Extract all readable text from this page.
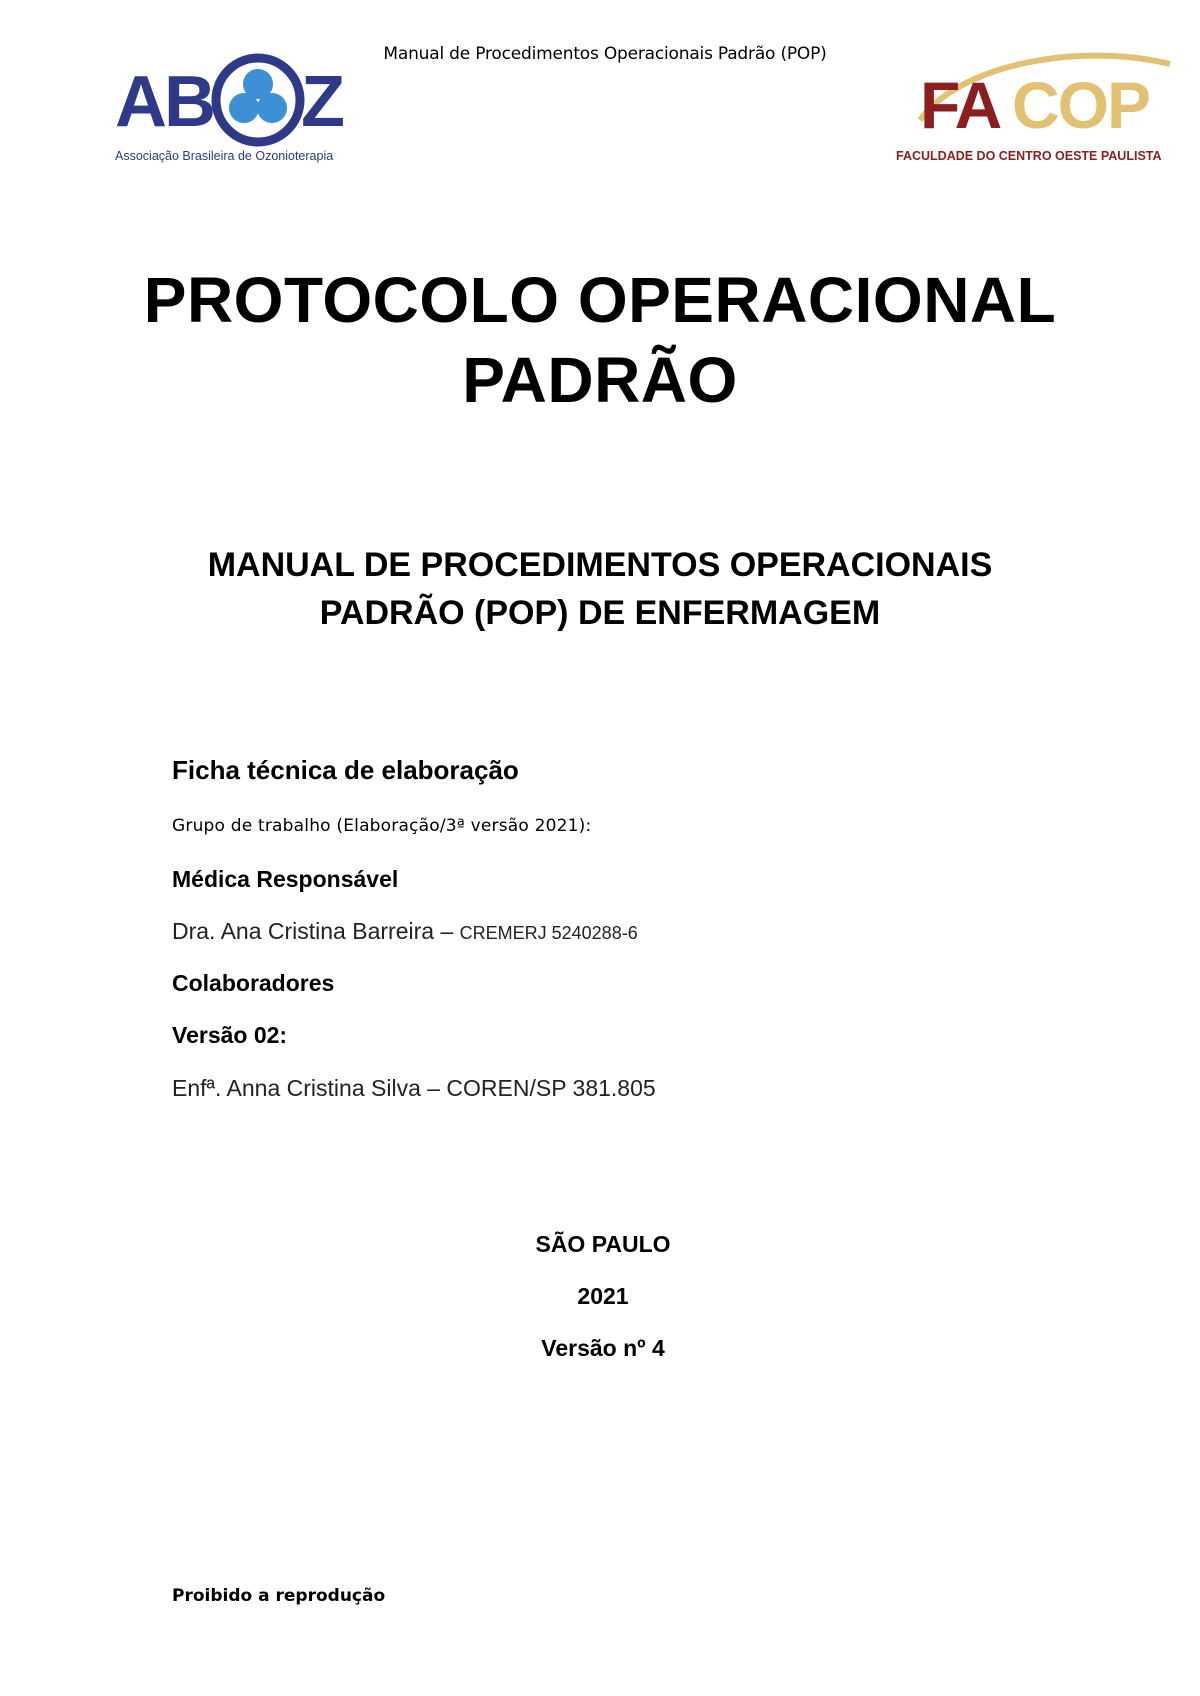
Manual de Procedimentos Operacionais Padrão (POP)
AB Z
Associação Brasileira de Ozonioterapia
FA COP
FACULDADE DO CENTRO OESTE PAULISTA
PROTOCOLO OPERACIONAL
PADRÃO
MANUAL DE PROCEDIMENTOS OPERACIONAIS
PADRÃO (POP) DE ENFERMAGEM
Ficha técnica de elaboração
Grupo de trabalho (Elaboração/3ª versão 2021):
Médica Responsável
Dra. Ana Cristina Barreira – CREMERJ 5240288-6
Colaboradores
Versão 02:
Enfª. Anna Cristina Silva – COREN/SP 381.805
SÃO PAULO
2021
Versão nº 4
Proibido a reprodução
